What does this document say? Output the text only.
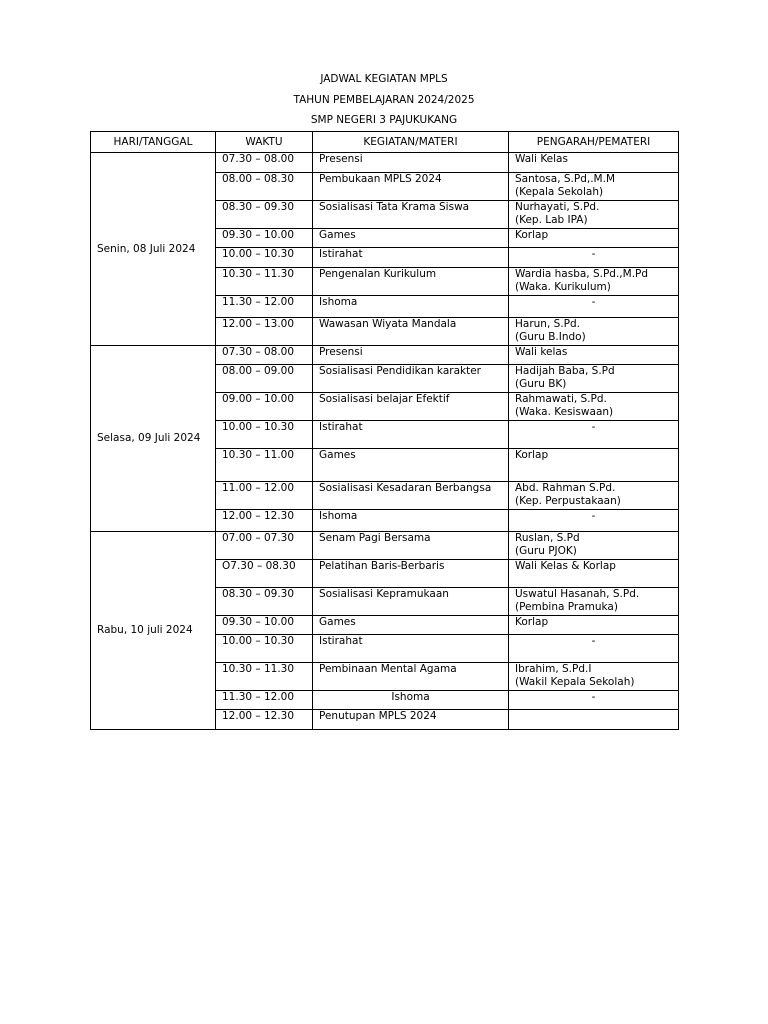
JADWAL KEGIATAN MPLS
TAHUN PEMBELAJARAN 2024/2025
SMP NEGERI 3 PAJUKUKANG
HARI/TANGGAL	WAKTU	KEGIATAN/MATERI	PENGARAH/PEMATERI
Senin, 08 Juli 2024	07.30 – 08.00	Presensi	Wali Kelas

	08.00 – 08.30	Pembukaan MPLS 2024	Santosa, S.Pd,.M.M
(Kepala Sekolah)

	08.30 – 09.30	Sosialisasi Tata Krama Siswa	Nurhayati, S.Pd.
(Kep. Lab IPA)

	09.30 – 10.00	Games	Korlap

	10.00 – 10.30	Istirahat	-

	10.30 – 11.30	Pengenalan Kurikulum	Wardia hasba, S.Pd.,M.Pd
(Waka. Kurikulum)

	11.30 – 12.00	Ishoma	-

	12.00 – 13.00	Wawasan Wiyata Mandala	Harun, S.Pd.
(Guru B.Indo)

Selasa, 09 Juli 2024	07.30 – 08.00	Presensi	Wali kelas

	08.00 – 09.00	Sosialisasi Pendidikan karakter	Hadijah Baba, S.Pd
(Guru BK)

	09.00 – 10.00	Sosialisasi belajar Efektif	Rahmawati, S.Pd.
(Waka. Kesiswaan)

	10.00 – 10.30	Istirahat	-

	10.30 – 11.00	Games	Korlap

	11.00 – 12.00	Sosialisasi Kesadaran Berbangsa	Abd. Rahman S.Pd.
(Kep. Perpustakaan)

	12.00 – 12.30	Ishoma	-

Rabu, 10 juli 2024	07.00 – 07.30	Senam Pagi Bersama	Ruslan, S.Pd
(Guru PJOK)

	O7.30 – 08.30	Pelatihan Baris-Berbaris	Wali Kelas & Korlap

	08.30 – 09.30	Sosialisasi Kepramukaan	Uswatul Hasanah, S.Pd.
(Pembina Pramuka)

	09.30 – 10.00	Games	Korlap

	10.00 – 10.30	Istirahat	-

	10.30 – 11.30	Pembinaan Mental Agama	Ibrahim, S.Pd.I
(Wakil Kepala Sekolah)

	11.30 – 12.00	Ishoma	-

	12.00 – 12.30	Penutupan MPLS 2024	
